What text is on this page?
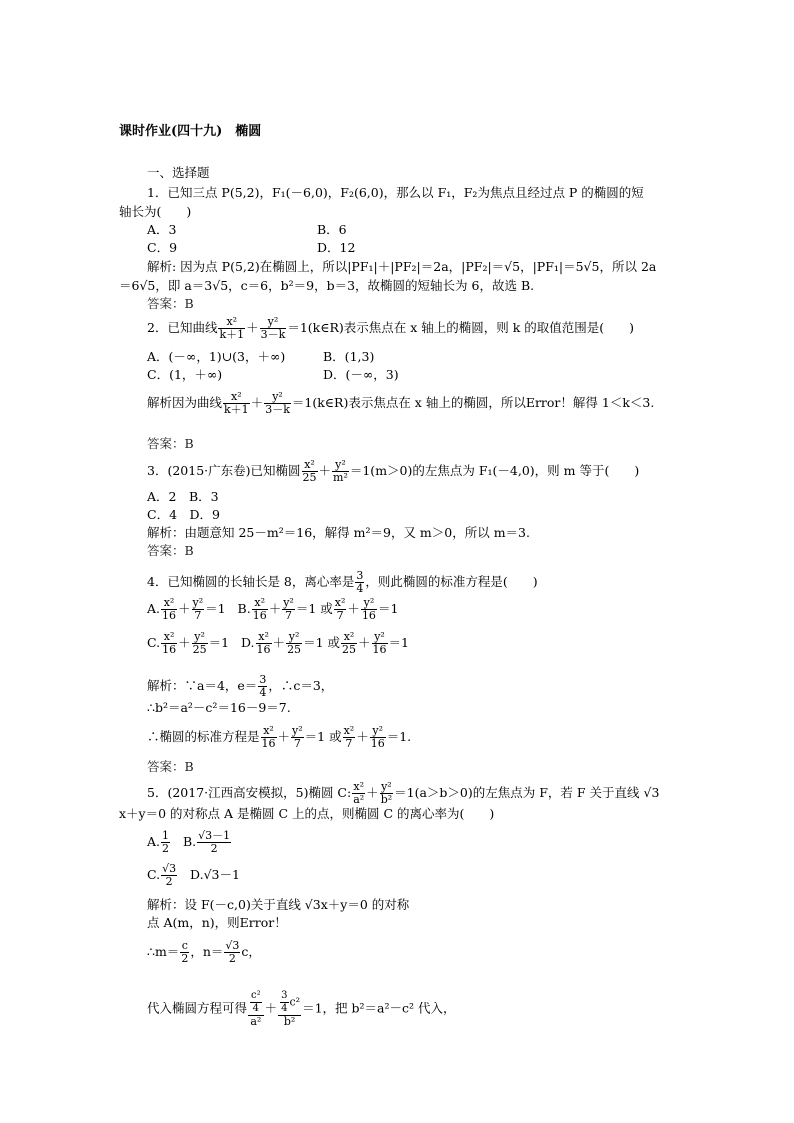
课时作业(四十九)　椭圆
一、选择题
1．已知三点 P(5,2)，F₁(－6,0)，F₂(6,0)，那么以 F₁，F₂为焦点且经过点 P 的椭圆的短
轴长为(　　)
A．3	B．6
C．9	D．12
解析: 因为点 P(5,2)在椭圆上，所以|PF₁|＋|PF₂|＝2a，|PF₂|＝√5，|PF₁|＝5√5，所以 2a
＝6√5，即 a＝3√5，c＝6，b²＝9，b＝3，故椭圆的短轴长为 6，故选 B.
答案：B
2．已知曲线 $\frac{\text{x²}}{k+1} + \frac{\text{y²}}{3-k}$ ＝1(k∈R)表示焦点在 x 轴上的椭圆，则 k 的取值范围是(　　)
A．(－∞，1)∪(3，＋∞)	B．(1,3)
C．(1，＋∞)	D．(－∞，3)
解析因为曲线 $\frac{\text{x²}}{k+1} + \frac{\text{y²}}{3-k}$ ＝1(k∈R)表示焦点在 x 轴上的椭圆，所以Error！解得 1＜k＜3.
答案：B
3．(2015·广东卷)已知椭圆 $\frac{\text{x²}}{25} + \frac{\text{y²}}{\text{m²}} =1(m>0)$的左焦点为 F₁(－4,0)，则 m 等于(　　)
A．2　B．3
C．4　D．9
解析：由题意知 25－m²＝16，解得 m²＝9，又 m＞0，所以 m＝3.
答案：B
4．已知椭圆的长轴长是 8，离心率是 $\frac{3}{4}$ ，则此椭圆的标准方程是(　　)
A. $\frac{\text{x²}}{16} + \frac{\text{y²}}{7} =1$ B. $\frac{\text{x²}}{16} + \frac{\text{y²}}{7} =1$ 或 $\frac{\text{x²}}{7} + \frac{\text{y²}}{16} =1$
C. $\frac{\text{x²}}{16} + \frac{\text{y²}}{25} =1$ D. $\frac{\text{x²}}{16} + \frac{\text{y²}}{25} =1$ 或 $\frac{\text{x²}}{25} + \frac{\text{y²}}{16} =1$
解析：∵a＝4，$e= \frac{3}{4}$ ，∴c＝3，
∴b²＝a²－c²＝16－9＝7.
∴椭圆的标准方程是 $\frac{\text{x²}}{16} + \frac{\text{y²}}{7} =1$ 或 $\frac{\text{x²}}{7} + \frac{\text{y²}}{16} =1$.
答案：B
5．(2017·江西高安模拟，5)椭圆 C: $\frac{\text{x²}}{\text{a²}} + \frac{\text{y²}}{\text{b²}} =1(a>b>0)$的左焦点为 F，若 F 关于直线 √3
x＋y＝0 的对称点 A 是椭圆 C 上的点，则椭圆 C 的离心率为(　　)
A. $\frac{1}{2} B$. $\frac{√3-1}{2}$
C. $\frac{√3}{2} D.√3-1$
解析：设 F(－c,0)关于直线 √3x＋y＝0 的对称
点 A(m，n)，则Error！
∴m＝ $\frac{c}{2}$ ，$n= \frac{√3}{2}$ c，
代入椭圆方程可得 $\frac{\frac{\text{c²}}{4}}{\text{a²}} + \frac{\frac{3}{4} c^2}{\text{b²}} =1$，把 b²＝a²－c² 代入，
